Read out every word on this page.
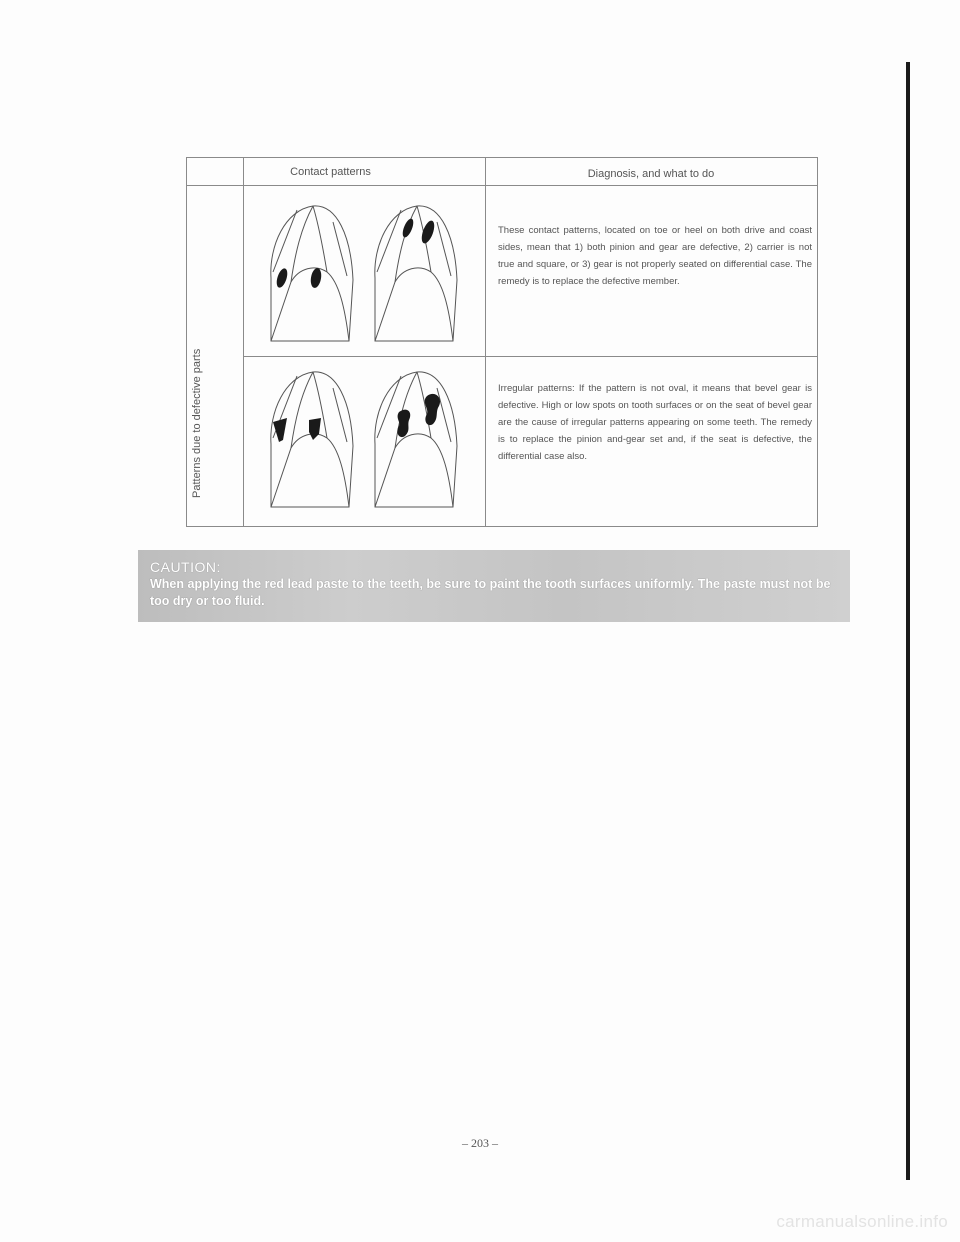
Contact patterns	Diagnosis, and what to do
Patterns due to defective parts
These contact patterns, located on toe or heel on both drive and coast sides, mean that 1) both pinion and gear are defective, 2) carrier is not true and square, or 3) gear is not properly seated on differential case. The remedy is to replace the defective member.
Irregular patterns: If the pattern is not oval, it means that bevel gear is defective. High or low spots on tooth surfaces or on the seat of bevel gear are the cause of irregular patterns appearing on some teeth. The remedy is to replace the pinion and-gear set and, if the seat is defective, the differential case also.
CAUTION:
When applying the red lead paste to the teeth, be sure to paint the tooth surfaces uniformly. The paste must not be too dry or too fluid.
– 203 –
carmanualsonline.info
